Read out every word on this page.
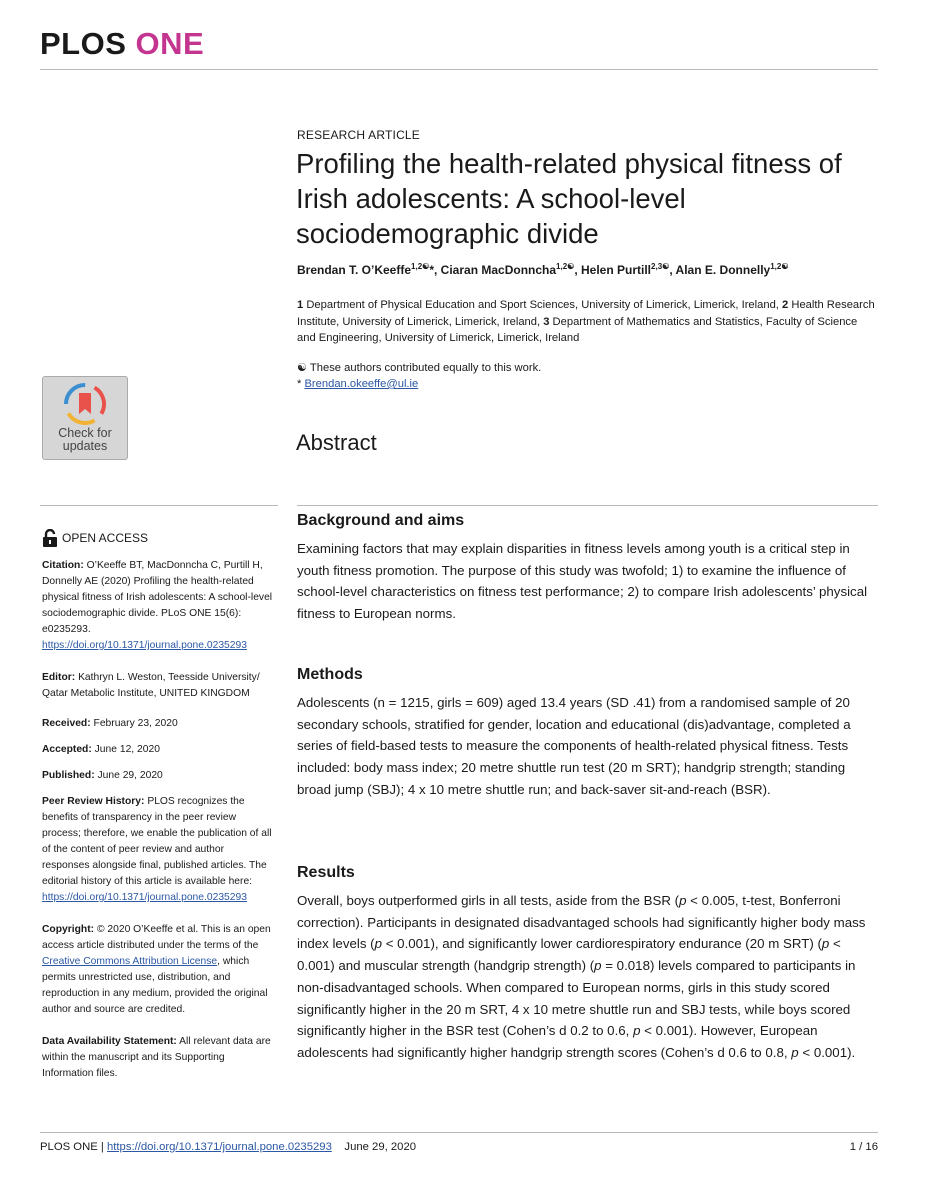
PLOS ONE
RESEARCH ARTICLE
Profiling the health-related physical fitness of Irish adolescents: A school-level sociodemographic divide
Brendan T. O’Keeffe$^{1,2☯}$*, Ciaran MacDonncha$^{1,2☯}$, Helen Purtill$^{2,3☯}$, Alan E. Donnelly$^{1,2☯}$
1 Department of Physical Education and Sport Sciences, University of Limerick, Limerick, Ireland, 2 Health Research Institute, University of Limerick, Limerick, Ireland, 3 Department of Mathematics and Statistics, Faculty of Science and Engineering, University of Limerick, Limerick, Ireland
☯ These authors contributed equally to this work.
* Brendan.okeeffe@ul.ie
Check for
updates	Abstract
OPEN ACCESS
Citation: O’Keeffe BT, MacDonncha C, Purtill H, Donnelly AE (2020) Profiling the health-related physical fitness of Irish adolescents: A school-level sociodemographic divide. PLoS ONE 15(6): e0235293. https://doi.org/10.1371/journal.pone.0235293
Editor: Kathryn L. Weston, Teesside University/ Qatar Metabolic Institute, UNITED KINGDOM
Received: February 23, 2020
Accepted: June 12, 2020
Published: June 29, 2020
Peer Review History: PLOS recognizes the benefits of transparency in the peer review process; therefore, we enable the publication of all of the content of peer review and author responses alongside final, published articles. The editorial history of this article is available here: https://doi.org/10.1371/journal.pone.0235293
Copyright: © 2020 O’Keeffe et al. This is an open access article distributed under the terms of the Creative Commons Attribution License, which permits unrestricted use, distribution, and reproduction in any medium, provided the original author and source are credited.
Data Availability Statement: All relevant data are within the manuscript and its Supporting Information files.
Background and aims
Examining factors that may explain disparities in fitness levels among youth is a critical step in youth fitness promotion. The purpose of this study was twofold; 1) to examine the influence of school-level characteristics on fitness test performance; 2) to compare Irish adolescents’ physical fitness to European norms.
Methods
Adolescents (n = 1215, girls = 609) aged 13.4 years (SD .41) from a randomised sample of 20 secondary schools, stratified for gender, location and educational (dis)advantage, completed a series of field-based tests to measure the components of health-related physical fitness. Tests included: body mass index; 20 metre shuttle run test (20 m SRT); handgrip strength; standing broad jump (SBJ); 4 x 10 metre shuttle run; and back-saver sit-and-reach (BSR).
Results
Overall, boys outperformed girls in all tests, aside from the BSR (p < 0.005, t-test, Bonferroni correction). Participants in designated disadvantaged schools had significantly higher body mass index levels (p < 0.001), and significantly lower cardiorespiratory endurance (20 m SRT) (p < 0.001) and muscular strength (handgrip strength) (p = 0.018) levels compared to participants in non-disadvantaged schools. When compared to European norms, girls in this study scored significantly higher in the 20 m SRT, 4 x 10 metre shuttle run and SBJ tests, while boys scored significantly higher in the BSR test (Cohen’s d 0.2 to 0.6, p < 0.001). However, European adolescents had significantly higher handgrip strength scores (Cohen’s d 0.6 to 0.8, p < 0.001).
PLOS ONE | https://doi.org/10.1371/journal.pone.0235293 June 29, 2020	1 / 16
